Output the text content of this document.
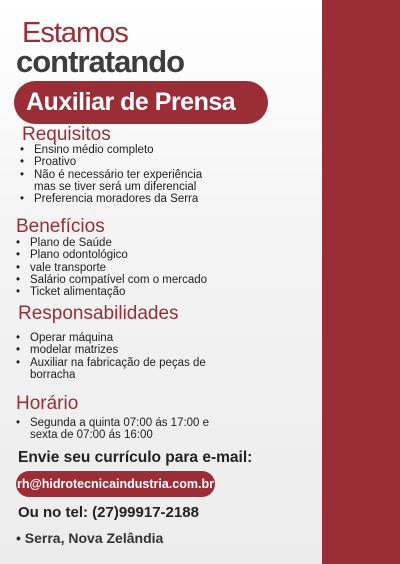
Estamos
contratando
Auxiliar de Prensa
Requisitos
• Ensino médio completo
• Proativo
• Não é necessário ter experiência mas se tiver será um diferencial
• Preferencia moradores da Serra
Benefícios
• Plano de Saúde
• Plano odontológico
• vale transporte
• Salário compatível com o mercado
• Ticket alimentação
Responsabilidades
• Operar máquina
• modelar matrizes
• Auxiliar na fabricação de peças de borracha
Horário
• Segunda a quinta 07:00 ás 17:00 e sexta de 07:00 ás 16:00
Envie seu currículo para e-mail:
rh@hidrotecnicaindustria.com.br
Ou no tel: (27)99917-2188
• Serra, Nova Zelândia
